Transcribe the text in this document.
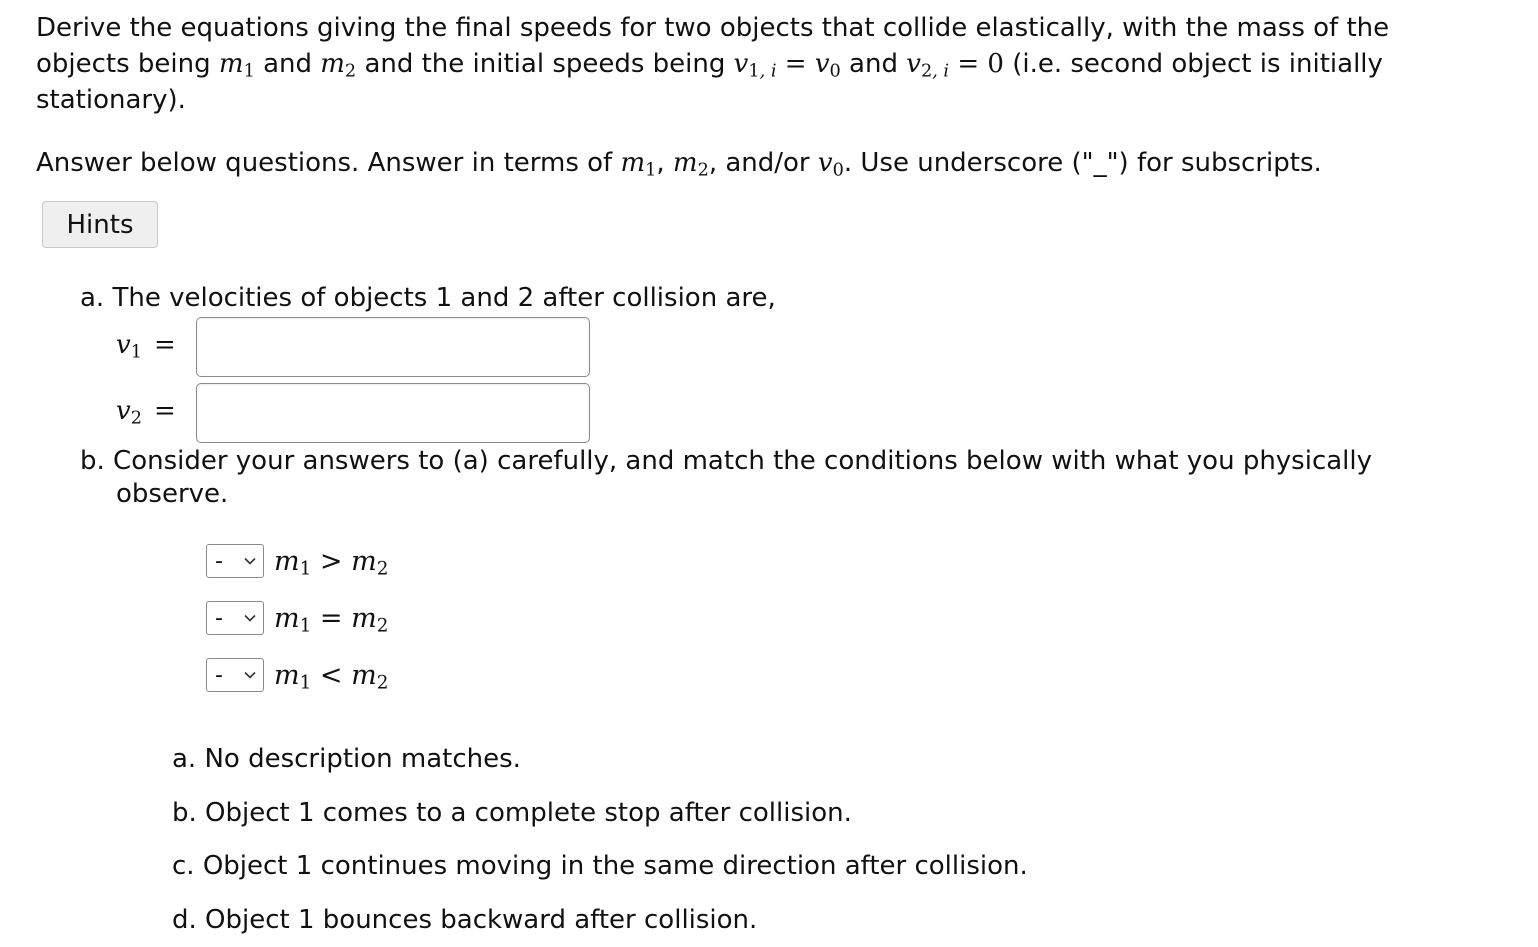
Derive the equations giving the final speeds for two objects that collide elastically, with the mass of the objects being $m_1$ and $m_2$ and the initial speeds being $v_{1, i} = v_0$ and $v_{2, i} = 0$ (i.e. second object is initially stationary).

Answer below questions. Answer in terms of $m_1$, $m_2$, and/or $v_0$. Use underscore ("_") for subscripts.
Hints
a. The velocities of objects 1 and 2 after collision are,
$v_1$ =
$v_2$ =
b. Consider your answers to (a) carefully, and match the conditions below with what you physically
observe.
- $m_1 > m_2$
- $m_1 = m_2$
- $m_1 < m_2$
a. No description matches.
b. Object 1 comes to a complete stop after collision.
c. Object 1 continues moving in the same direction after collision.
d. Object 1 bounces backward after collision.
